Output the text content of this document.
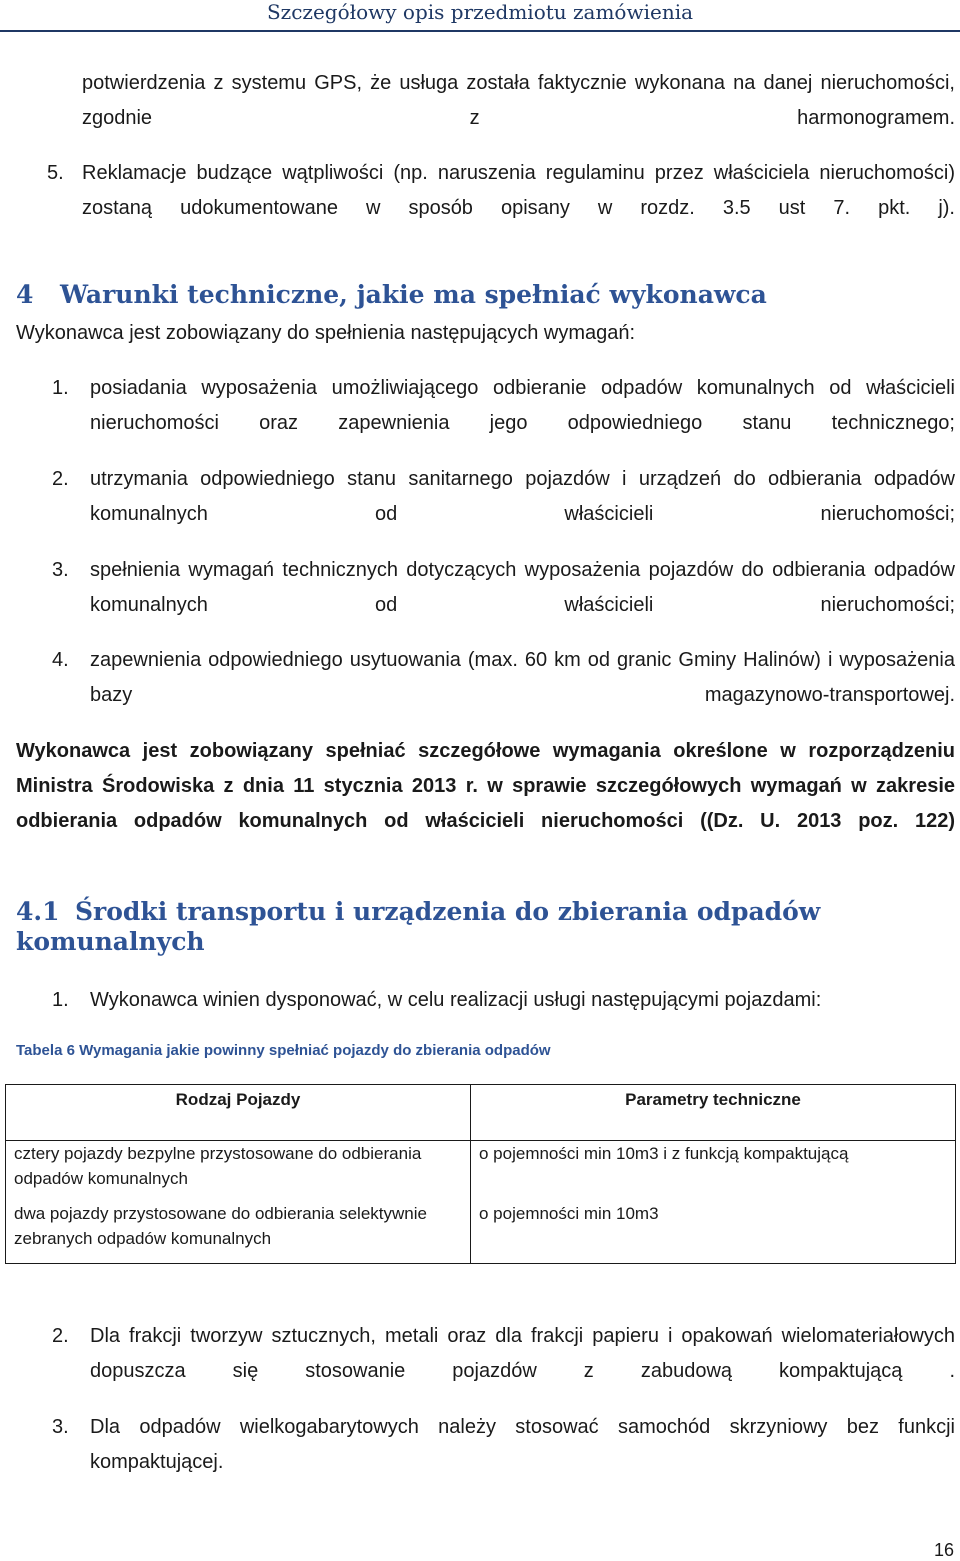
Szczegółowy opis przedmiotu zamówienia
potwierdzenia z systemu GPS, że usługa została faktycznie wykonana na danej nieruchomości, zgodnie z harmonogramem.
5. Reklamacje budzące wątpliwości (np. naruszenia regulaminu przez właściciela nieruchomości) zostaną udokumentowane w sposób opisany w rozdz. 3.5 ust 7. pkt. j).
4 Warunki techniczne, jakie ma spełniać wykonawca
Wykonawca jest zobowiązany do spełnienia następujących wymagań:
1. posiadania wyposażenia umożliwiającego odbieranie odpadów komunalnych od właścicieli nieruchomości oraz zapewnienia jego odpowiedniego stanu technicznego;
2. utrzymania odpowiedniego stanu sanitarnego pojazdów i urządzeń do odbierania odpadów komunalnych od właścicieli nieruchomości;
3. spełnienia wymagań technicznych dotyczących wyposażenia pojazdów do odbierania odpadów komunalnych od właścicieli nieruchomości;
4. zapewnienia odpowiedniego usytuowania (max. 60 km od granic Gminy Halinów) i wyposażenia bazy magazynowo-transportowej.
Wykonawca jest zobowiązany spełniać szczegółowe wymagania określone w rozporządzeniu Ministra Środowiska z dnia 11 stycznia 2013 r. w sprawie szczegółowych wymagań w zakresie odbierania odpadów komunalnych od właścicieli nieruchomości ((Dz. U. 2013 poz. 122)
4.1 Środki transportu i urządzenia do zbierania odpadów komunalnych
1. Wykonawca winien dysponować, w celu realizacji usługi następującymi pojazdami:
Tabela 6 Wymagania jakie powinny spełniać pojazdy do zbierania odpadów
Rodzaj Pojazdy	Parametry techniczne
cztery pojazdy bezpylne przystosowane do odbierania odpadów komunalnych	o pojemności min 10m3 i z funkcją kompaktującą
dwa pojazdy przystosowane do odbierania selektywnie zebranych odpadów komunalnych	o pojemności min 10m3
2. Dla frakcji tworzyw sztucznych, metali oraz dla frakcji papieru i opakowań wielomateriałowych dopuszcza się stosowanie pojazdów z zabudową kompaktującą .
3. Dla odpadów wielkogabarytowych należy stosować samochód skrzyniowy bez funkcji kompaktującej.
16
